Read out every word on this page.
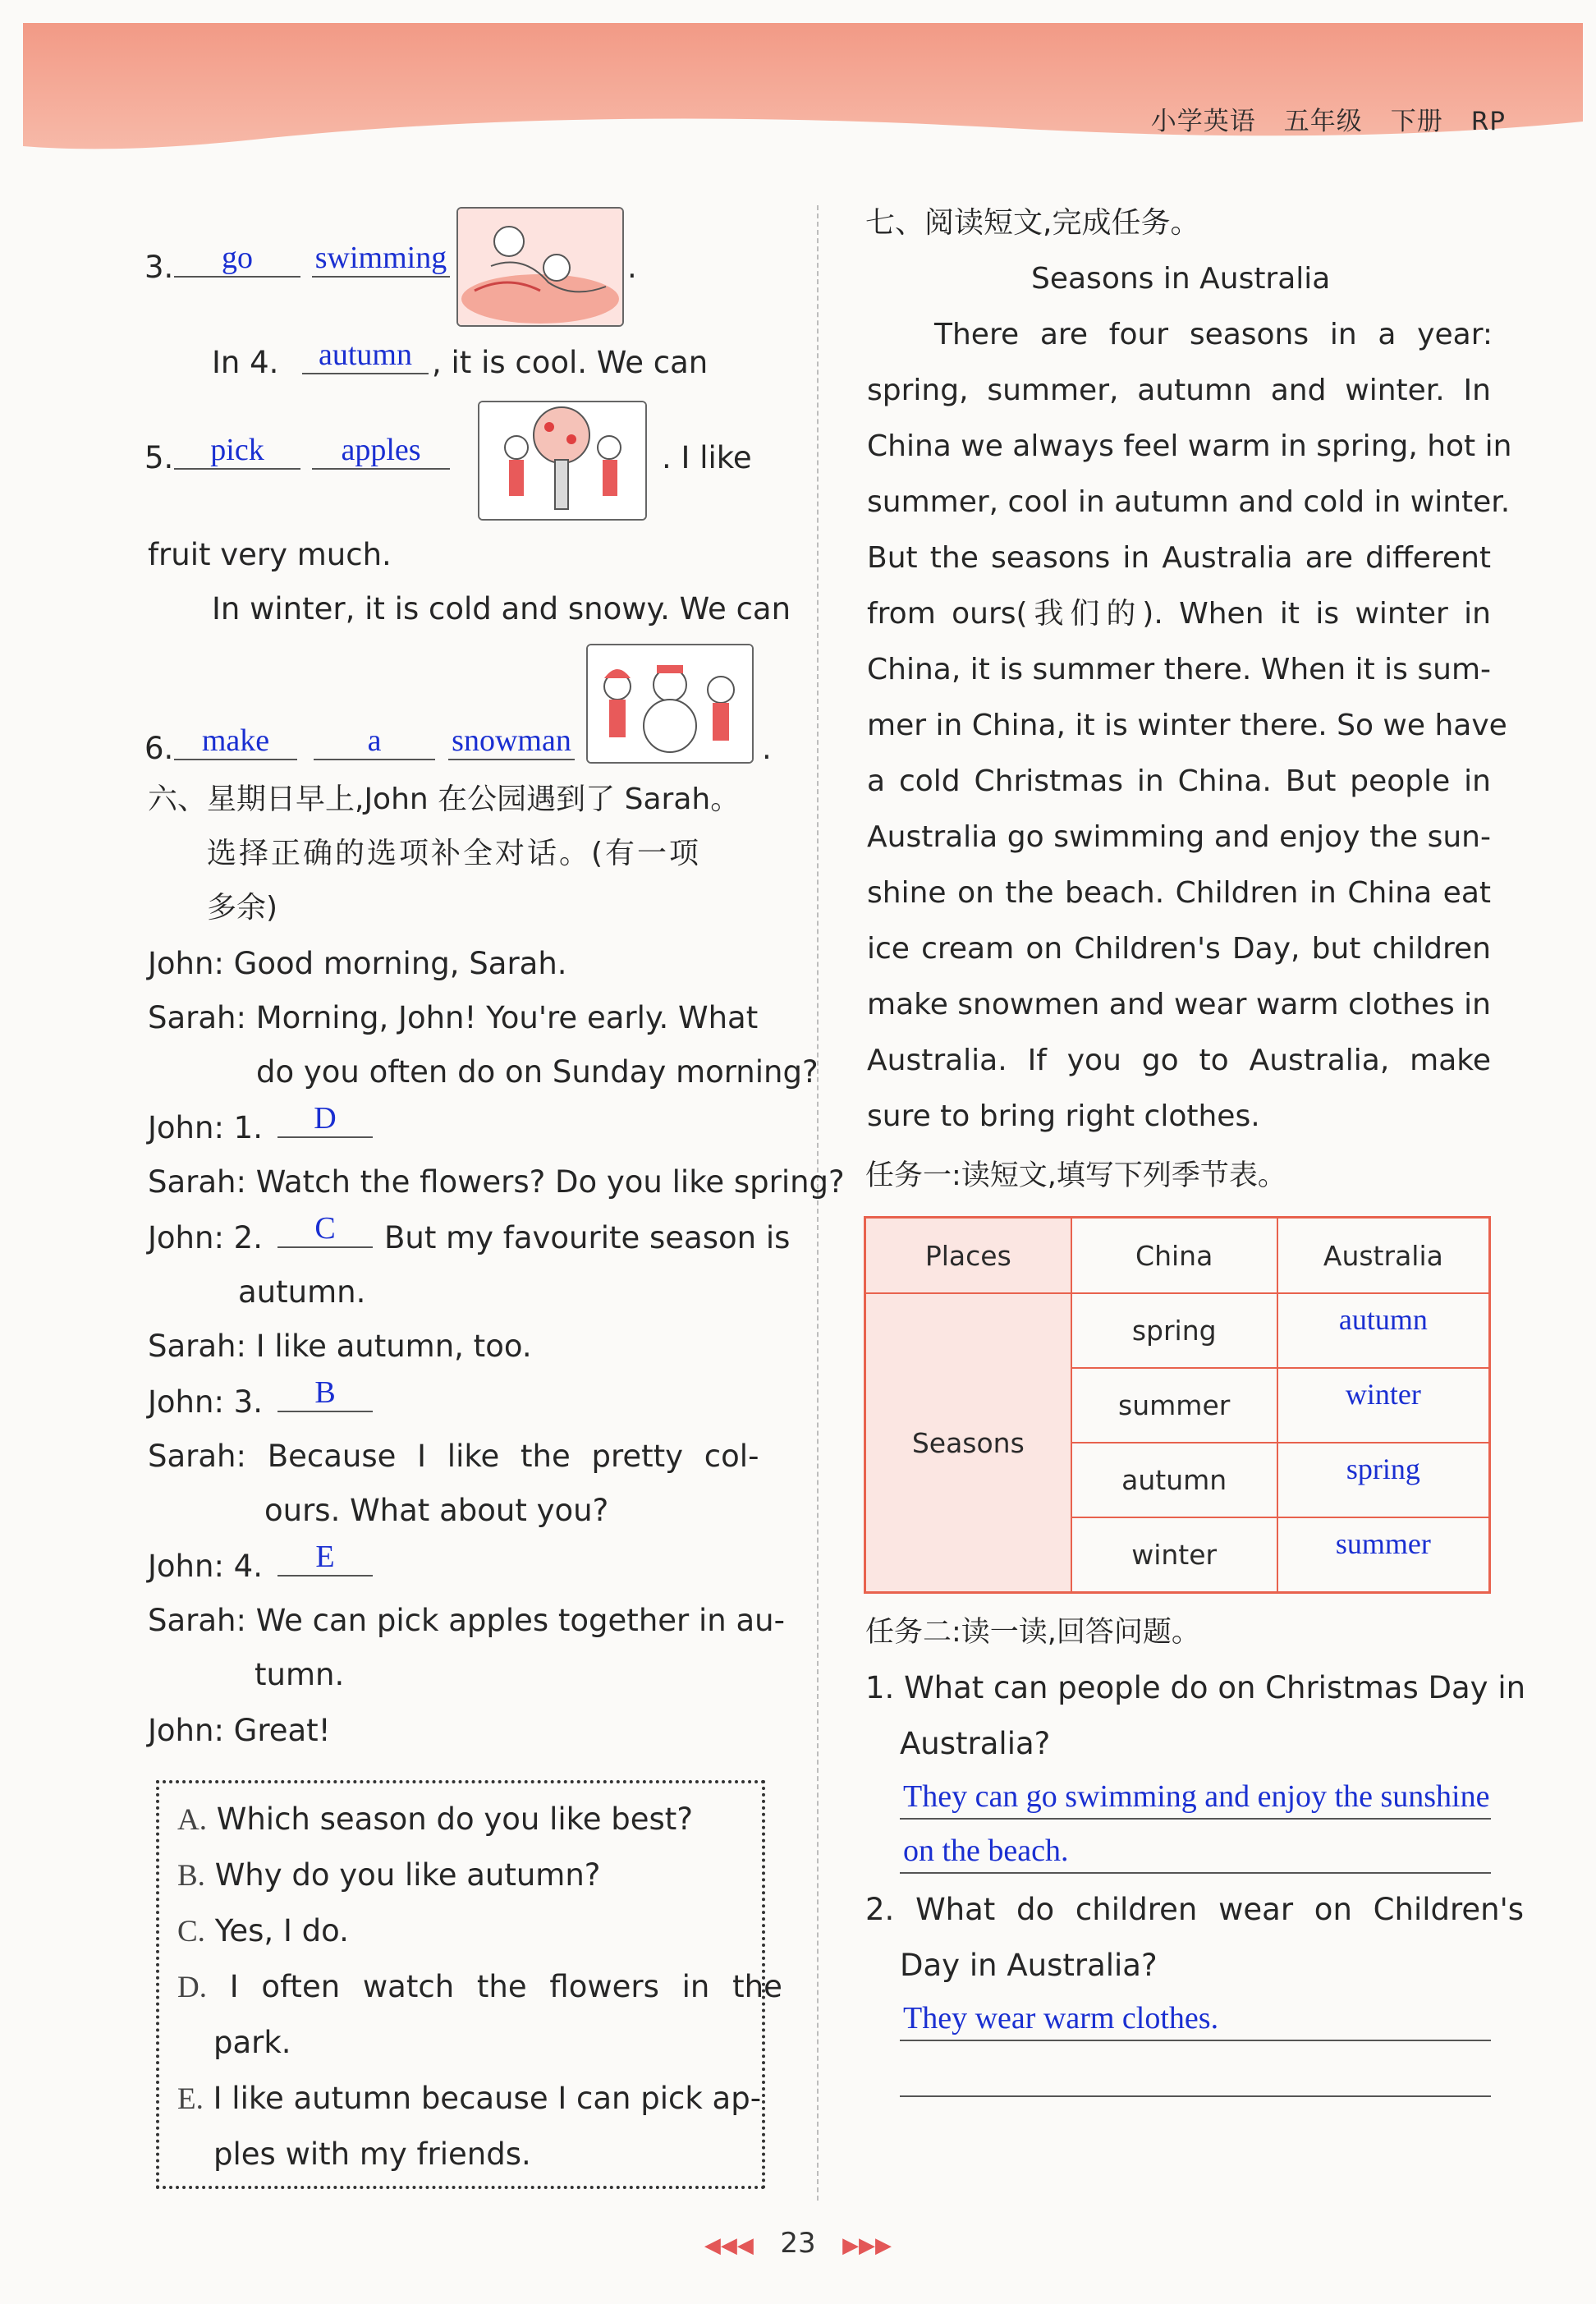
小学英语 五年级 下册 RP
3.	go	swimming	.
In 4.	autumn , it is cool. We can
5.	pick	apples	. I like
fruit very much.
In winter, it is cold and snowy. We can
6. make	a	snowman	.
六、星期日早上,John 在公园遇到了 Sarah。
选择正确的选项补全对话。(有一项
多余)
John: Good morning, Sarah.
Sarah: Morning, John! You're early. What
do you often do on Sunday morning?
John: 1.	D
Sarah: Watch the flowers? Do you like spring?
John: 2.	C	But my favourite season is
autumn.
Sarah: I like autumn, too.
John: 3.	B
Sarah: Because I like the pretty col-
ours. What about you?
John: 4.	E
Sarah: We can pick apples together in au-
tumn.
John: Great!
A. Which season do you like best?
B. Why do you like autumn?
C. Yes, I do.
D. I often watch the flowers in the
park.
E. I like autumn because I can pick ap-
ples with my friends.
七、阅读短文,完成任务。
Seasons in Australia
There are four seasons in a year:
spring, summer, autumn and winter. In
China we always feel warm in spring, hot in
summer, cool in autumn and cold in winter.
But the seasons in Australia are different
from ours(我们的). When it is winter in
China, it is summer there. When it is sum-
mer in China, it is winter there. So we have
a cold Christmas in China. But people in
Australia go swimming and enjoy the sun-
shine on the beach. Children in China eat
ice cream on Children's Day, but children
make snowmen and wear warm clothes in
Australia. If you go to Australia, make
sure to bring right clothes.
任务一:读短文,填写下列季节表。
Places	China	Australia
Seasons	spring	autumn
	summer	winter
	autumn	spring
	winter	summer
任务二:读一读,回答问题。
1. What can people do on Christmas Day in
Australia?
They can go swimming and enjoy the sunshine
on the beach.
2. What do children wear on Children's
Day in Australia?
They wear warm clothes.
◀◀◀ 23 ▶▶▶
